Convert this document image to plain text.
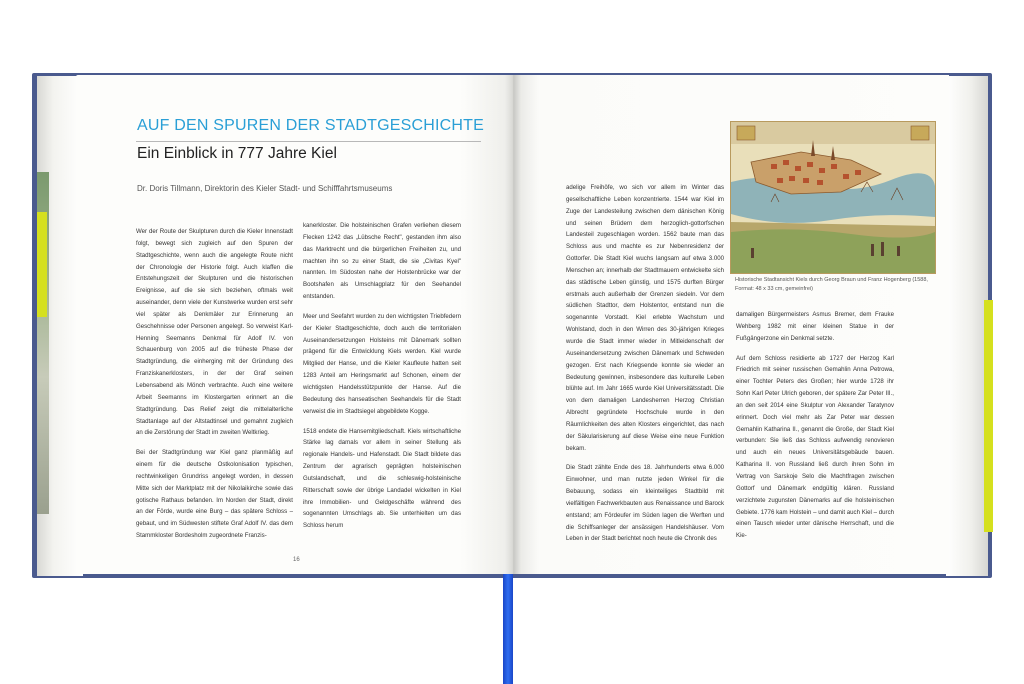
AUF DEN SPUREN DER STADTGESCHICHTE
Ein Einblick in 777 Jahre Kiel
Dr. Doris Tillmann, Direktorin des Kieler Stadt- und Schifffahrtsmuseums

Wer der Route der Skulpturen durch die Kieler Innenstadt folgt, bewegt sich zugleich auf den Spuren der Stadtgeschichte, wenn auch die angelegte Route nicht der Chronologie der Historie folgt. Auch klaffen die Entstehungszeit der Skulpturen und die historischen Ereignisse, auf die sie sich beziehen, oftmals weit auseinander, denn viele der Kunstwerke wurden erst sehr viel später als Denkmäler zur Erinnerung an Geschehnisse oder Personen angelegt. So verweist Karl-Henning Seemanns Denkmal für Adolf IV. von Schauenburg von 2005 auf die früheste Phase der Stadtgründung, die einherging mit der Gründung des Franziskanerklosters, in der der Graf seinen Lebensabend als Mönch verbrachte. Auch eine weitere Arbeit Seemanns im Klostergarten erinnert an die Stadtgründung. Das Relief zeigt die mittelalterliche Stadtanlage auf der Altstadtinsel und gemahnt zugleich an die Zerstörung der Stadt im zweiten Weltkrieg.

Bei der Stadtgründung war Kiel ganz planmäßig auf einem für die deutsche Ostkolonisation typischen, rechtwinkeligen Grundriss angelegt worden, in dessen Mitte sich der Marktplatz mit der Nikolaikirche sowie das gotische Rathaus befanden. Im Norden der Stadt, direkt an der Förde, wurde eine Burg – das spätere Schloss – gebaut, und im Südwesten stiftete Graf Adolf IV. das dem Stammkloster Bordesholm zugeordnete Franzis-

kanerkloster. Die holsteinischen Grafen verliehen diesem Flecken 1242 das „Lübsche Recht", gestanden ihm also das Marktrecht und die bürgerlichen Freiheiten zu, und machten ihn so zu einer Stadt, die sie „Civitas Kyel" nannten. Im Südosten nahe der Holstenbrücke war der Bootshafen als Umschlagplatz für den Seehandel entstanden.

Meer und Seefahrt wurden zu den wichtigsten Triebfedern der Kieler Stadtgeschichte, doch auch die territorialen Auseinandersetzungen Holsteins mit Dänemark sollten prägend für die Entwicklung Kiels werden. Kiel wurde Mitglied der Hanse, und die Kieler Kaufleute hatten seit 1283 Anteil am Heringsmarkt auf Schonen, einem der wichtigsten Handelsstützpunkte der Hanse. Auf die Bedeutung des hanseatischen Seehandels für die Stadt verweist die im Stadtsiegel abgebildete Kogge.

1518 endete die Hansemitgliedschaft. Kiels wirtschaftliche Stärke lag damals vor allem in seiner Stellung als regionale Handels- und Hafenstadt. Die Stadt bildete das Zentrum der agrarisch geprägten holsteinischen Gutslandschaft, und die schleswig-holsteinische Ritterschaft sowie der übrige Landadel wickelten in Kiel ihre Immobilien- und Geldgeschäfte während des sogenannten Umschlags ab. Sie unterhielten um das Schloss herum

16

adelige Freihöfe, wo sich vor allem im Winter das gesellschaftliche Leben konzentrierte. 1544 war Kiel im Zuge der Landesteilung zwischen dem dänischen König und seinen Brüdern dem herzoglich-gottorfschen Landesteil zugeschlagen worden. 1562 baute man das Schloss aus und machte es zur Nebenresidenz der Gottorfer. Die Stadt Kiel wuchs langsam auf etwa 3.000 Menschen an; innerhalb der Stadtmauern entwickelte sich das städtische Leben günstig, und 1575 durften Bürger erstmals auch außerhalb der Grenzen siedeln. Vor dem südlichen Stadttor, dem Holstentor, entstand nun die sogenannte Vorstadt. Kiel erlebte Wachstum und Wohlstand, doch in den Wirren des 30-jährigen Krieges wurde die Stadt immer wieder in Mitleidenschaft der Auseinandersetzung zwischen Dänemark und Schweden gezogen. Erst nach Kriegsende konnte sie wieder an Bedeutung gewinnen, insbesondere das kulturelle Leben blühte auf. Im Jahr 1665 wurde Kiel Universitätsstadt. Die von dem damaligen Landesherren Herzog Christian Albrecht gegründete Hochschule wurde in den Räumlichkeiten des alten Klosters eingerichtet, das nach der Säkularisierung auf diese Weise eine neue Funktion bekam.

Die Stadt zählte Ende des 18. Jahrhunderts etwa 6.000 Einwohner, und man nutzte jeden Winkel für die Bebauung, sodass ein kleinteiliges Stadtbild mit vielfältigen Fachwerkbauten aus Renaissance und Barock entstand; am Fördeufer im Süden lagen die Werften und die Schiffsanleger der ansässigen Handelshäuser. Vom Leben in der Stadt berichtet noch heute die Chronik des

Historische Stadtansicht Kiels durch Georg Braun und Franz Hogenberg (1588, Format: 48 x 33 cm, gemeinfrei)

damaligen Bürgermeisters Asmus Bremer, dem Frauke Wehberg 1982 mit einer kleinen Statue in der Fußgängerzone ein Denkmal setzte.

Auf dem Schloss residierte ab 1727 der Herzog Karl Friedrich mit seiner russischen Gemahlin Anna Petrowa, einer Tochter Peters des Großen; hier wurde 1728 ihr Sohn Karl Peter Ulrich geboren, der spätere Zar Peter III., an den seit 2014 eine Skulptur von Alexander Taratynov erinnert. Doch viel mehr als Zar Peter war dessen Gemahlin Katharina II., genannt die Große, der Stadt Kiel verbunden: Sie ließ das Schloss aufwendig renovieren und auch ein neues Universitätsgebäude bauen. Katharina II. von Russland ließ durch ihren Sohn im Vertrag von Sarskoje Selo die Machtfragen zwischen Gottorf und Dänemark endgültig klären. Russland verzichtete zugunsten Dänemarks auf die holsteinischen Gebiete. 1776 kam Holstein – und damit auch Kiel – durch einen Tausch wieder unter dänische Herrschaft, und die Kie-
